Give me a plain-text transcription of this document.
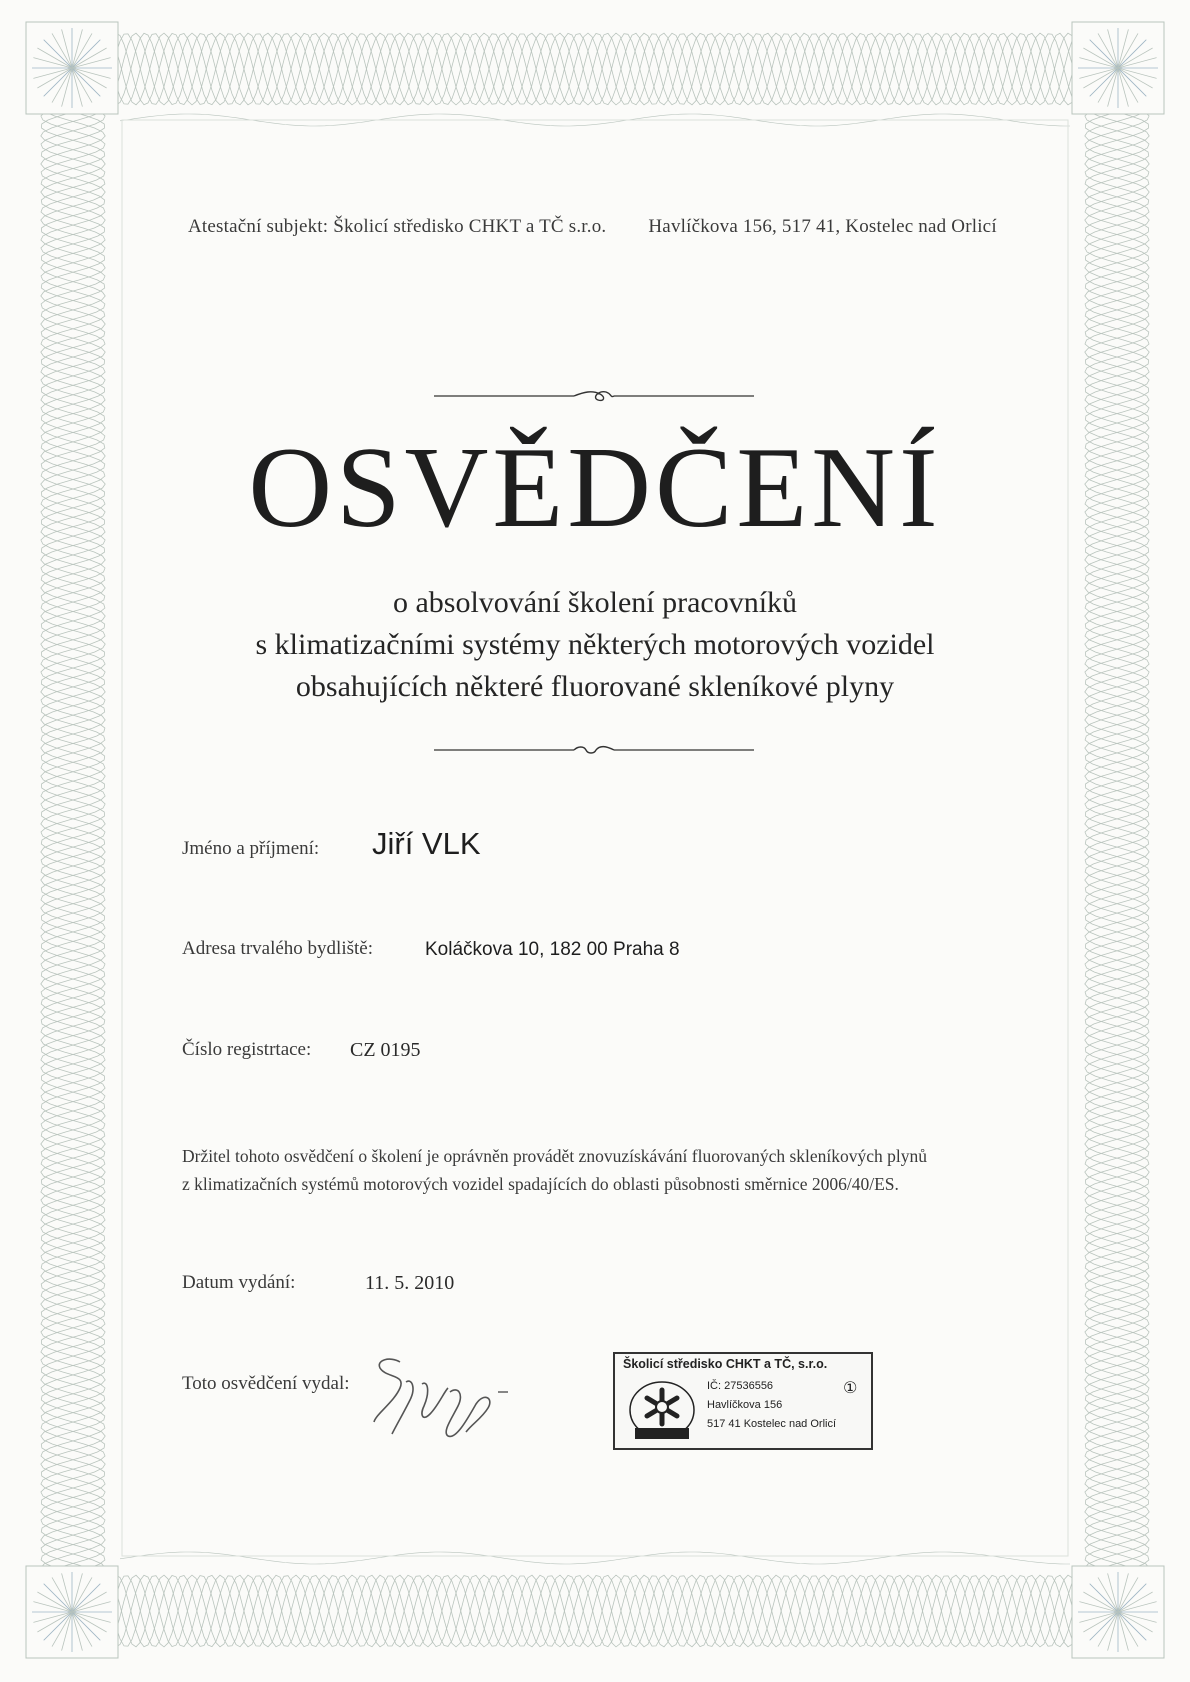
Atestační subjekt: Školicí středisko CHKT a TČ s.r.o. Havlíčkova 156, 517 41, Kostelec nad Orlicí
OSVĚDČENÍ
o absolvování školení pracovníků
s klimatizačními systémy některých motorových vozidel
obsahujících některé fluorované skleníkové plyny
Jméno a příjmení: Jiří VLK
Adresa trvalého bydliště:	Koláčkova 10, 182 00 Praha 8
Číslo registrtace: CZ 0195
Držitel tohoto osvědčení o školení je oprávněn provádět znovuzískávání fluorovaných skleníkových plynů
z klimatizačních systémů motorových vozidel spadajících do oblasti působnosti směrnice 2006/40/ES.
Datum vydání:	11. 5. 2010
Toto osvědčení vydal:
Školicí středisko CHKT a TČ, s.r.o.
IČ: 27536556
Havlíčkova 156
517 41 Kostelec nad Orlicí
①
